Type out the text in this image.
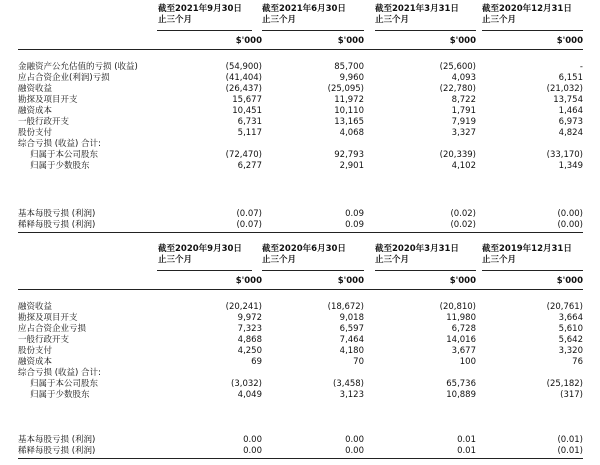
截至2021年9月30日
止三个月
截至2021年6月30日
止三个月
截至2021年3月31日
止三个月
截至2020年12月31日
止三个月
$'000	$'000	$'000	$'000
金融资产公允估值的亏损 (收益)	(54,900)	85,700	(25,600)	-
应占合资企业(利润)亏损	(41,404)	9,960	4,093	6,151
融资收益	(26,437)	(25,095)	(22,780)	(21,032)
勘探及项目开支	15,677	11,972	8,722	13,754
融资成本	10,451	10,110	1,791	1,464
一般行政开支	6,731	13,165	7,919	6,973
股份支付	5,117	4,068	3,327	4,824
综合亏损 (收益) 合计:
归属于本公司股东	(72,470)	92,793	(20,339)	(33,170)
归属于少数股东	6,277	2,901	4,102	1,349
基本每股亏损 (利润)	(0.07)	0.09	(0.02)	(0.00)
稀释每股亏损 (利润)	(0.07)	0.09	(0.02)	(0.00)
截至2020年9月30日
止三个月
截至2020年6月30日
止三个月
截至2020年3月31日
止三个月
截至2019年12月31日
止三个月
$'000	$'000	$'000	$'000
融资收益	(20,241)	(18,672)	(20,810)	(20,761)
勘探及项目开支	9,972	9,018	11,980	3,664
应占合资企业亏损	7,323	6,597	6,728	5,610
一般行政开支	4,868	7,464	14,016	5,642
股份支付	4,250	4,180	3,677	3,320
融资成本	69	70	100	76
综合亏损 (收益) 合计:
归属于本公司股东	(3,032)	(3,458)	65,736	(25,182)
归属于少数股东	4,049	3,123	10,889	(317)
基本每股亏损 (利润)	0.00	0.00	0.01	(0.01)
稀释每股亏损 (利润)	0.00	0.00	0.01	(0.01)
